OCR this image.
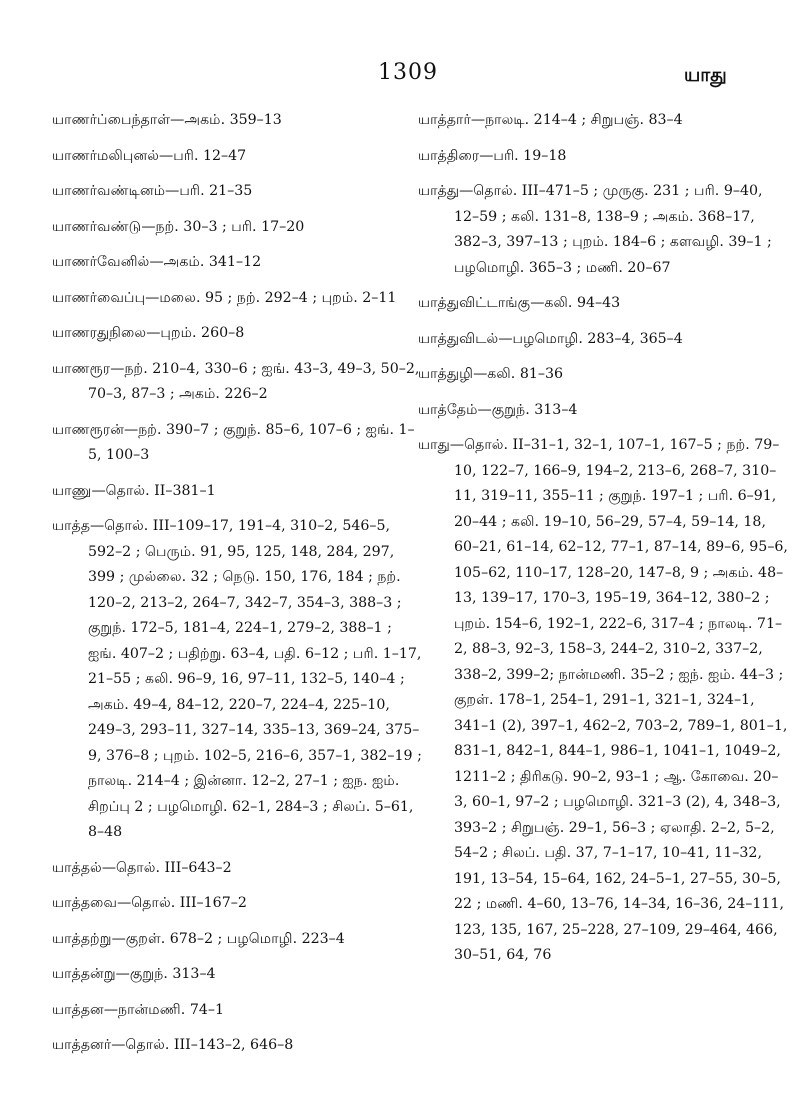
1309	யாது

யாணர்ப்பைந்தாள்—அகம். 359–13

யாணர்மலிபுனல்—பரி. 12–47

யாணர்வண்டினம்—பரி. 21–35

யாணர்வண்டு—நற். 30–3 ; பரி. 17–20

யாணர்வேனில்—அகம். 341–12

யாணர்வைப்பு—மலை. 95 ; நற். 292–4 ; புறம். 2–11

யாணரதுநிலை—புறம். 260–8

யாணரூர—நற். 210–4, 330–6 ; ஐங். 43–3, 49–3, 50–2, 70–3, 87–3 ; அகம். 226–2

யாணரூரன்—நற். 390–7 ; குறுந். 85–6, 107–6 ; ஐங். 1–5, 100–3

யாணு—தொல். II–381–1

யாத்த—தொல். III–109–17, 191–4, 310–2, 546–5, 592–2 ; பெரும். 91, 95, 125, 148, 284, 297, 399 ; முல்லை. 32 ; நெடு. 150, 176, 184 ; நற். 120–2, 213–2, 264–7, 342–7, 354–3, 388–3 ; குறுந். 172–5, 181–4, 224–1, 279–2, 388–1 ; ஐங். 407–2 ; பதிற்று. 63–4, பதி. 6–12 ; பரி. 1–17, 21–55 ; கலி. 96–9, 16, 97–11, 132–5, 140–4 ; அகம். 49–4, 84–12, 220–7, 224–4, 225–10, 249–3, 293–11, 327–14, 335–13, 369–24, 375–9, 376–8 ; புறம். 102–5, 216–6, 357–1, 382–19 ; நாலடி. 214–4 ; இன்னா. 12–2, 27–1 ; ஐந. ஐம். சிறப்பு 2 ; பழமொழி. 62–1, 284–3 ; சிலப். 5–61, 8–48

யாத்தல்—தொல். III–643–2

யாத்தவை—தொல். III–167–2

யாத்தற்று—குறள். 678–2 ; பழமொழி. 223–4

யாத்தன்று—குறுந். 313–4

யாத்தன—நான்மணி. 74–1

யாத்தனர்—தொல். III–143–2, 646–8

யாத்தார்—நாலடி. 214–4 ; சிறுபஞ். 83–4

யாத்திரை—பரி. 19–18

யாத்து—தொல். III–471–5 ; முருகு. 231 ; பரி. 9–40, 12–59 ; கலி. 131–8, 138–9 ; அகம். 368–17, 382–3, 397–13 ; புறம். 184–6 ; களவழி. 39–1 ; பழமொழி. 365–3 ; மணி. 20–67

யாத்துவிட்டாங்கு—கலி. 94–43

யாத்துவிடல்—பழமொழி. 283–4, 365–4

யாத்துழி—கலி. 81–36

யாத்தேம்—குறுந். 313–4

யாது—தொல். II–31–1, 32–1, 107–1, 167–5 ; நற். 79–10, 122–7, 166–9, 194–2, 213–6, 268–7, 310–11, 319–11, 355–11 ; குறுந். 197–1 ; பரி. 6–91, 20–44 ; கலி. 19–10, 56–29, 57–4, 59–14, 18, 60–21, 61–14, 62–12, 77–1, 87–14, 89–6, 95–6, 105–62, 110–17, 128–20, 147–8, 9 ; அகம். 48–13, 139–17, 170–3, 195–19, 364–12, 380–2 ; புறம். 154–6, 192–1, 222–6, 317–4 ; நாலடி. 71–2, 88–3, 92–3, 158–3, 244–2, 310–2, 337–2, 338–2, 399–2; நான்மணி. 35–2 ; ஐந். ஐம். 44–3 ; குறள். 178–1, 254–1, 291–1, 321–1, 324–1, 341–1 (2), 397–1, 462–2, 703–2, 789–1, 801–1, 831–1, 842–1, 844–1, 986–1, 1041–1, 1049–2, 1211–2 ; திரிகடு. 90–2, 93–1 ; ஆ. கோவை. 20–3, 60–1, 97–2 ; பழமொழி. 321–3 (2), 4, 348–3, 393–2 ; சிறுபஞ். 29–1, 56–3 ; ஏலாதி. 2–2, 5–2, 54–2 ; சிலப். பதி. 37, 7–1–17, 10–41, 11–32, 191, 13–54, 15–64, 162, 24–5–1, 27–55, 30–5, 22 ; மணி. 4–60, 13–76, 14–34, 16–36, 24–111, 123, 135, 167, 25–228, 27–109, 29–464, 466, 30–51, 64, 76
